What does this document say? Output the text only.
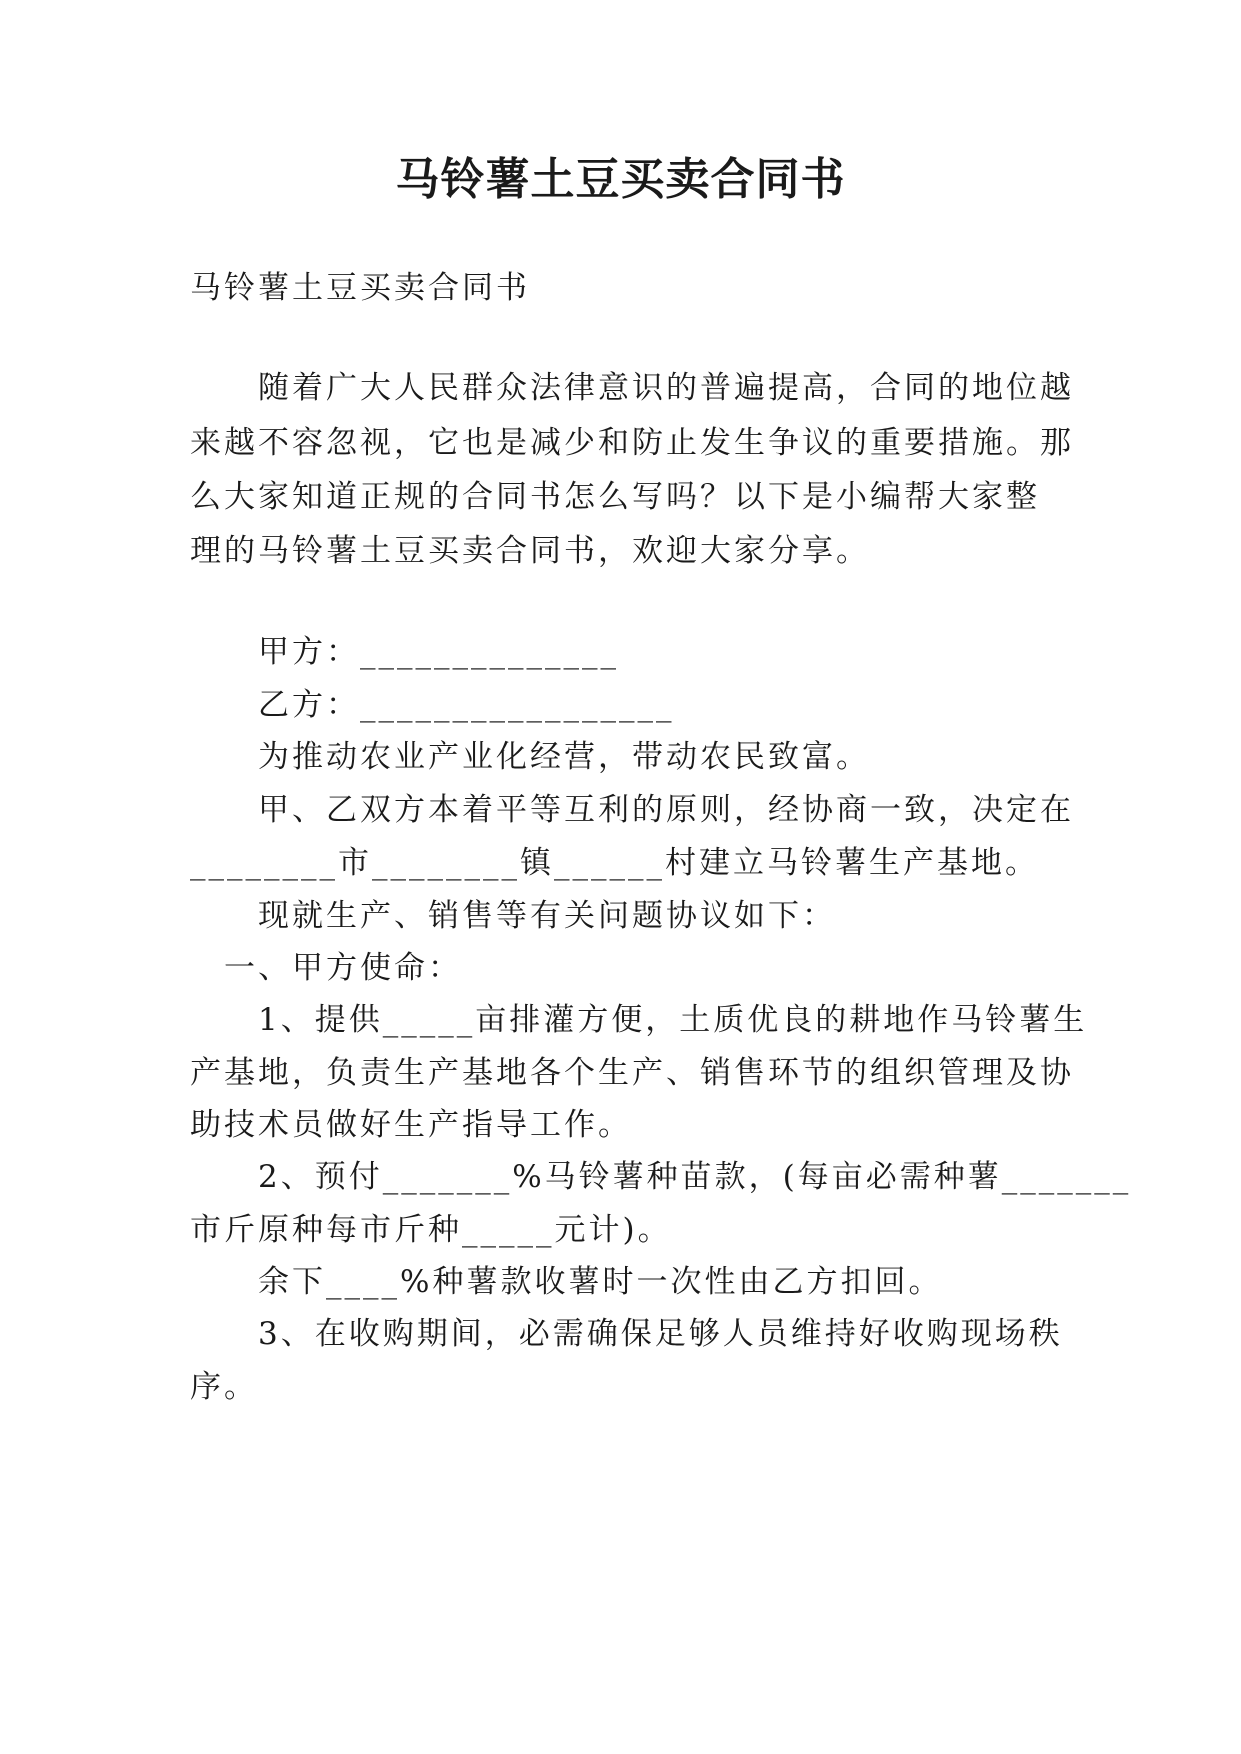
马铃薯土豆买卖合同书
马铃薯土豆买卖合同书
随着广大人民群众法律意识的普遍提高，合同的地位越
来越不容忽视，它也是减少和防止发生争议的重要措施。那
么大家知道正规的合同书怎么写吗？以下是小编帮大家整
理的马铃薯土豆买卖合同书，欢迎大家分享。
甲方：______________
乙方：_________________
为推动农业产业化经营，带动农民致富。
甲、乙双方本着平等互利的原则，经协商一致，决定在
________市________镇______村建立马铃薯生产基地。
现就生产、销售等有关问题协议如下：
一、甲方使命：
1、提供_____亩排灌方便，土质优良的耕地作马铃薯生
产基地，负责生产基地各个生产、销售环节的组织管理及协
助技术员做好生产指导工作。
2、预付_______%马铃薯种苗款，(每亩必需种薯_______
市斤原种每市斤种_____元计)。
余下____%种薯款收薯时一次性由乙方扣回。
3、在收购期间，必需确保足够人员维持好收购现场秩
序。
